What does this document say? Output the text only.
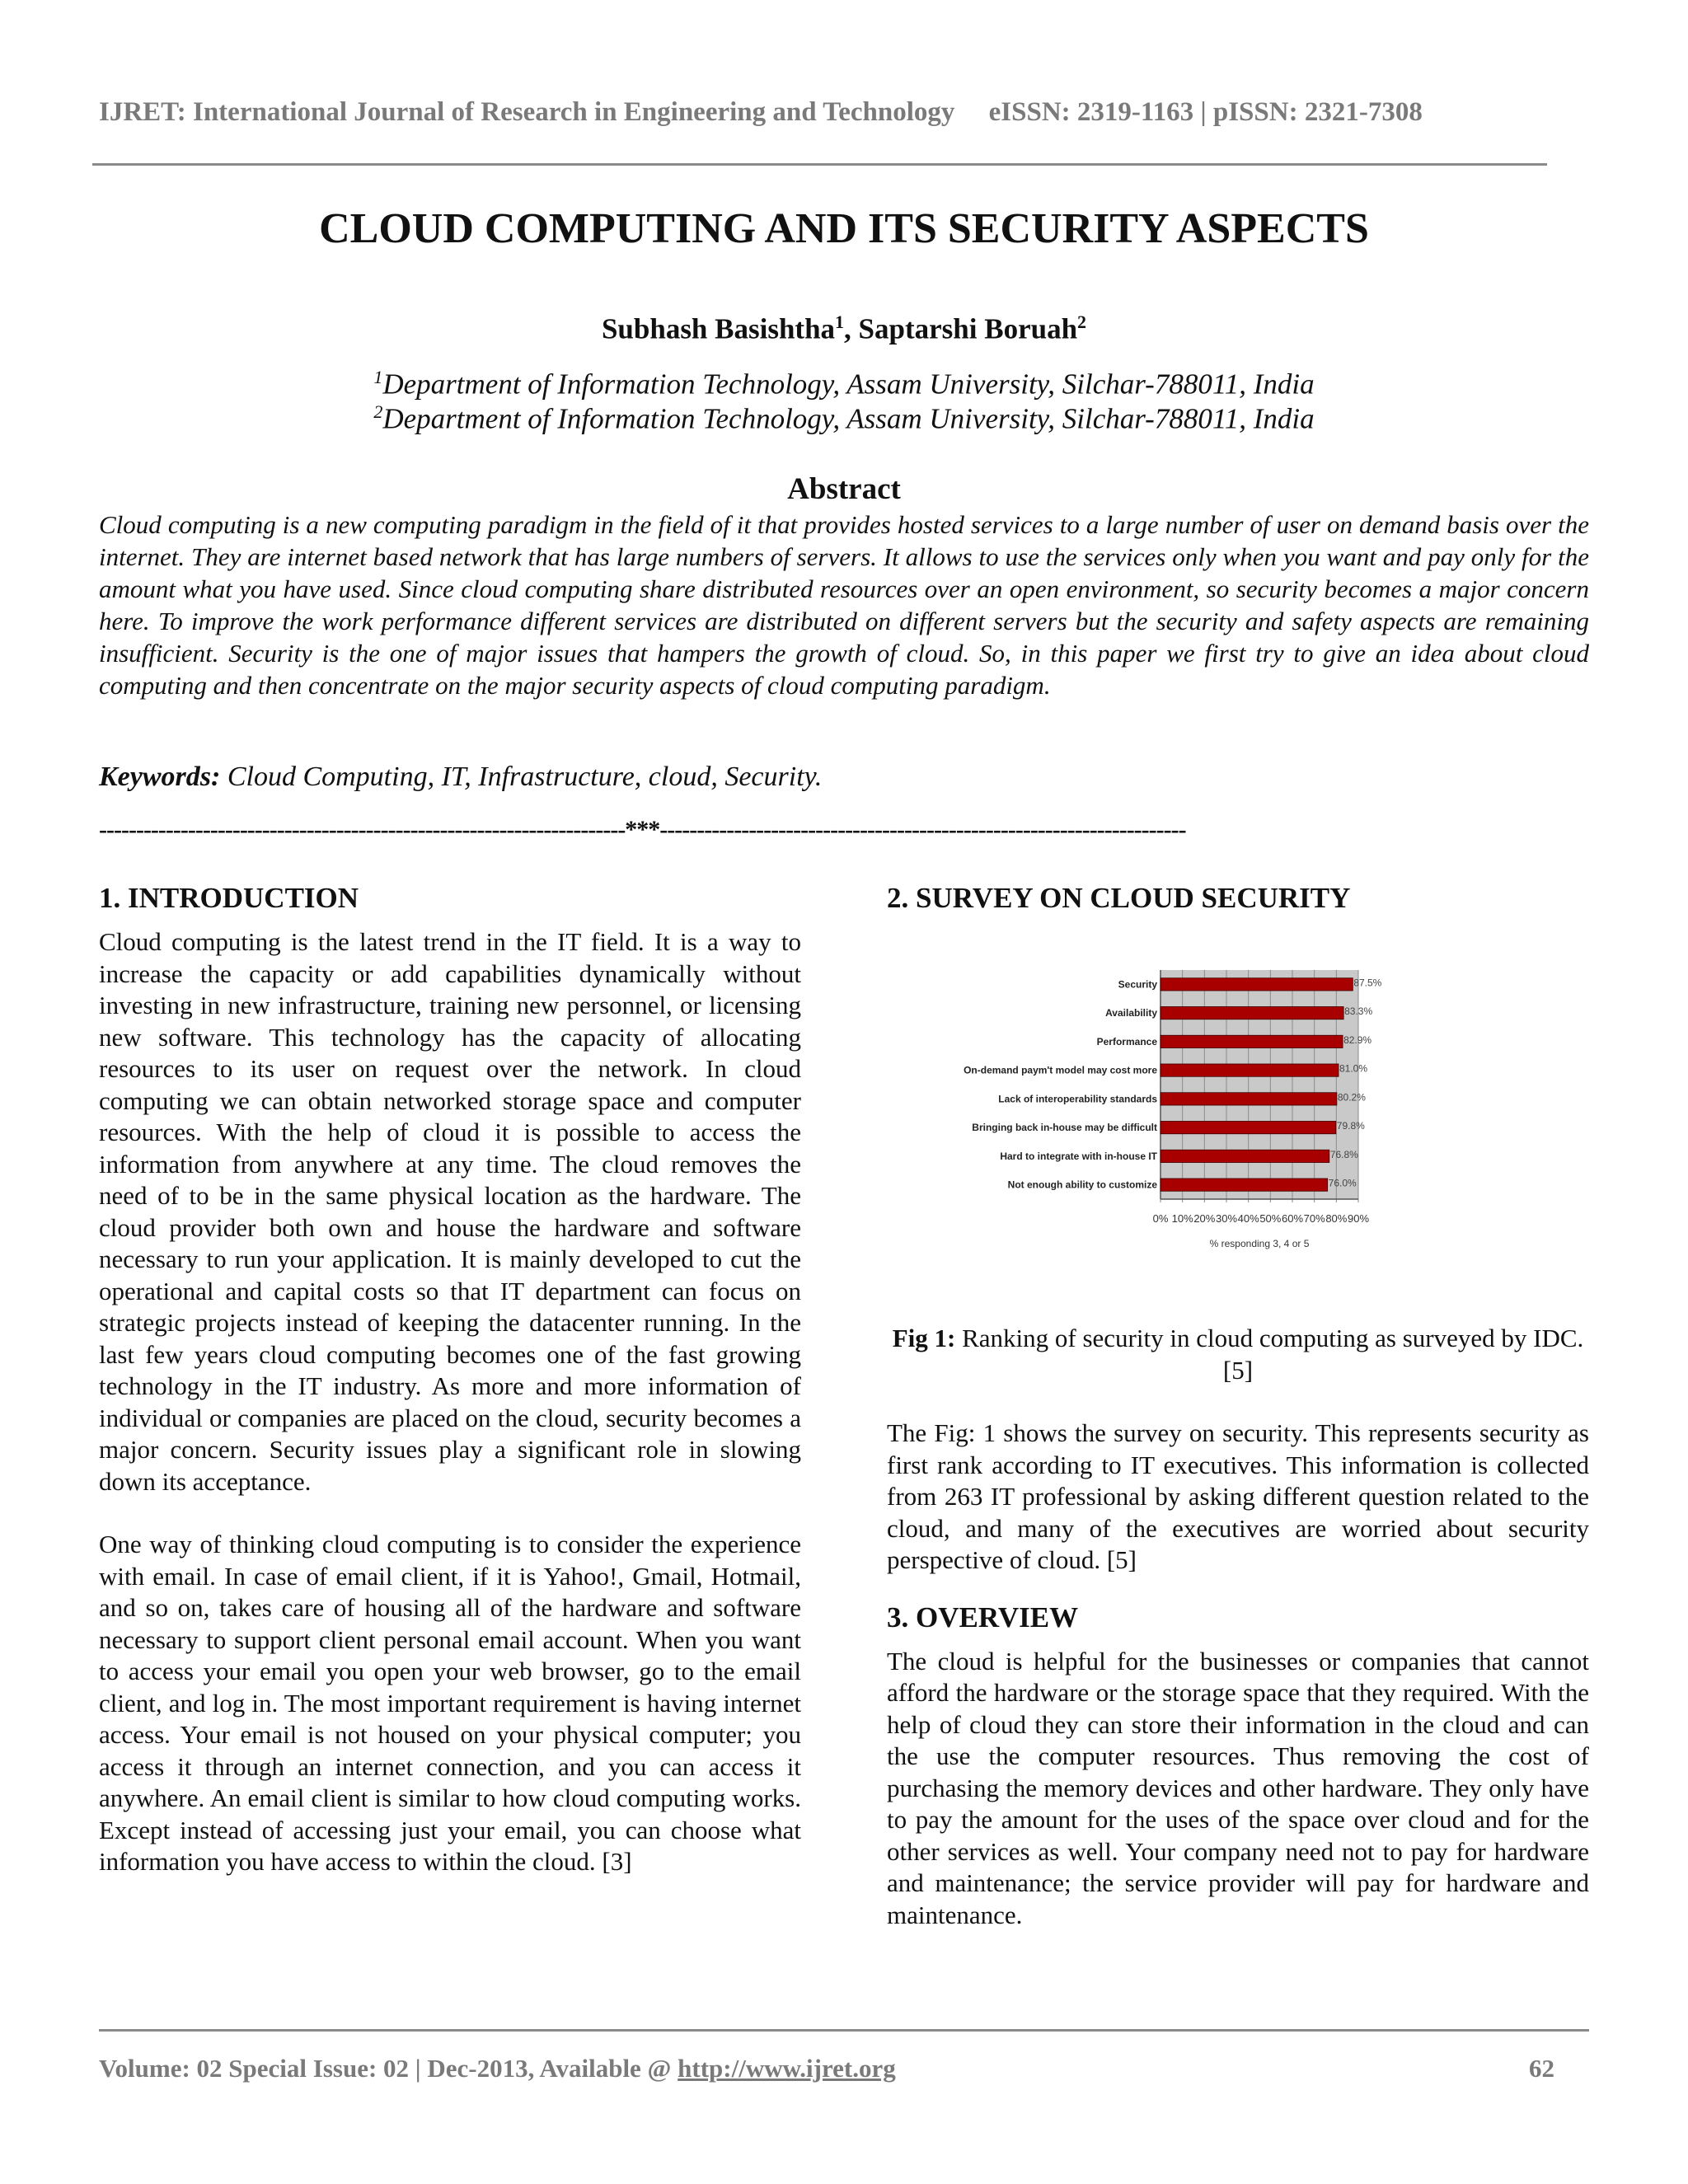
IJRET: International Journal of Research in Engineering and Technology eISSN: 2319-1163 | pISSN: 2321-7308
CLOUD COMPUTING AND ITS SECURITY ASPECTS
Subhash Basishtha$^1$, Saptarshi Boruah$^2$
$^1$Department of Information Technology, Assam University, Silchar-788011, India
$^2$Department of Information Technology, Assam University, Silchar-788011, India
Abstract
Cloud computing is a new computing paradigm in the field of it that provides hosted services to a large number of user on demand basis over the internet. They are internet based network that has large numbers of servers. It allows to use the services only when you want and pay only for the amount what you have used. Since cloud computing share distributed resources over an open environment, so security becomes a major concern here. To improve the work performance different services are distributed on different servers but the security and safety aspects are remaining insufficient. Security is the one of major issues that hampers the growth of cloud. So, in this paper we first try to give an idea about cloud computing and then concentrate on the major security aspects of cloud computing paradigm.
Keywords: Cloud Computing, IT, Infrastructure, cloud, Security.
-----------------------------------------------------------------------***-----------------------------------------------------------------------
1. INTRODUCTION

Cloud computing is the latest trend in the IT field. It is a way to increase the capacity or add capabilities dynamically without investing in new infrastructure, training new personnel, or licensing new software. This technology has the capacity of allocating resources to its user on request over the network. In cloud computing we can obtain networked storage space and computer resources. With the help of cloud it is possible to access the information from anywhere at any time. The cloud removes the need of to be in the same physical location as the hardware. The cloud provider both own and house the hardware and software necessary to run your application. It is mainly developed to cut the operational and capital costs so that IT department can focus on strategic projects instead of keeping the datacenter running. In the last few years cloud computing becomes one of the fast growing technology in the IT industry. As more and more information of individual or companies are placed on the cloud, security becomes a major concern. Security issues play a significant role in slowing down its acceptance.

One way of thinking cloud computing is to consider the experience with email. In case of email client, if it is Yahoo!, Gmail, Hotmail, and so on, takes care of housing all of the hardware and software necessary to support client personal email account. When you want to access your email you open your web browser, go to the email client, and log in. The most important requirement is having internet access. Your email is not housed on your physical computer; you access it through an internet connection, and you can access it anywhere. An email client is similar to how cloud computing works. Except instead of accessing just your email, you can choose what information you have access to within the cloud. [3]

2. SURVEY ON CLOUD SECURITY
0% 10% 20% 30% 40% 50% 60% 70% 80% 90%
Security	87.5%
Availability	83.3%
Performance	82.9%
On-demand paym't model may cost more	81.0%
Lack of interoperability standards	80.2%
Bringing back in-house may be difficult	79.8%
Hard to integrate with in-house IT	76.8%
Not enough ability to customize	76.0%
% responding 3, 4 or 5
Fig 1: Ranking of security in cloud computing as surveyed by IDC. [5]

The Fig: 1 shows the survey on security. This represents security as first rank according to IT executives. This information is collected from 263 IT professional by asking different question related to the cloud, and many of the executives are worried about security perspective of cloud. [5]

3. OVERVIEW

The cloud is helpful for the businesses or companies that cannot afford the hardware or the storage space that they required. With the help of cloud they can store their information in the cloud and can the use the computer resources. Thus removing the cost of purchasing the memory devices and other hardware. They only have to pay the amount for the uses of the space over cloud and for the other services as well. Your company need not to pay for hardware and maintenance; the service provider will pay for hardware and maintenance.

Volume: 02 Special Issue: 02 | Dec-2013, Available @ http://www.ijret.org	62
